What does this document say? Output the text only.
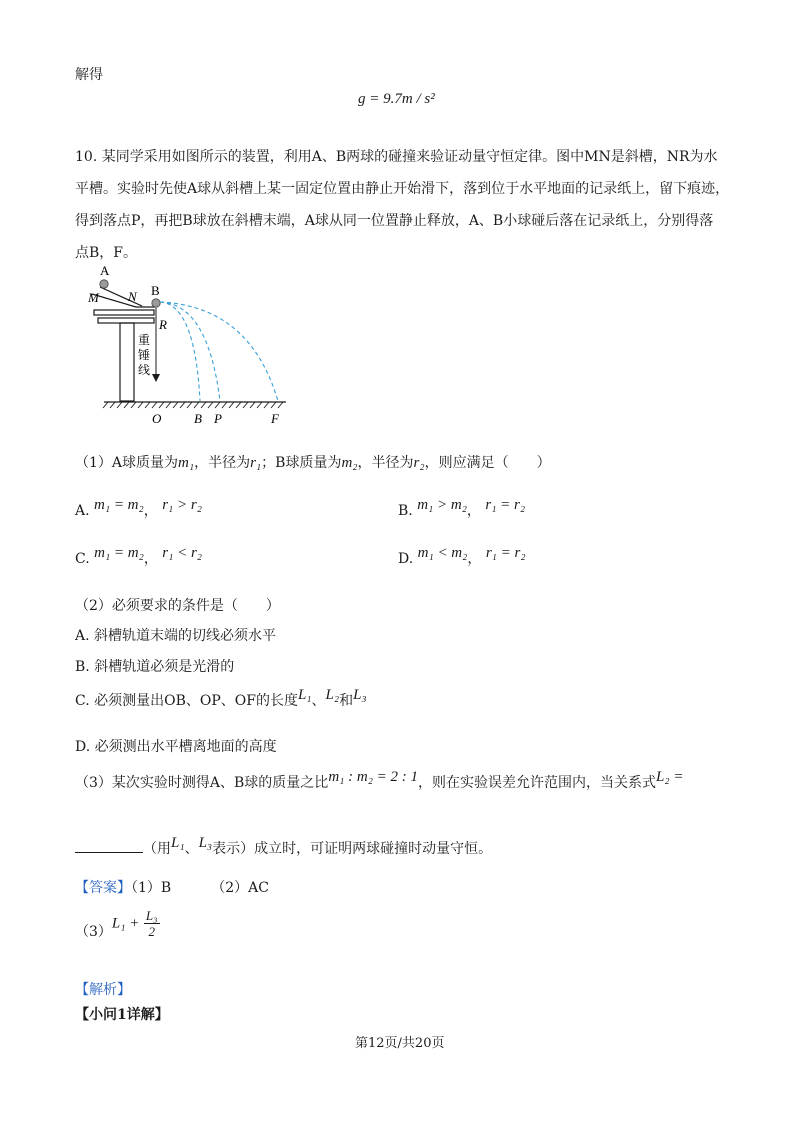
解得
g = 9.7m / s²
10. 某同学采用如图所示的装置，利用A、B两球的碰撞来验证动量守恒定律。图中MN是斜槽，NR为水
平槽。实验时先使A球从斜槽上某一固定位置由静止开始滑下，落到位于水平地面的记录纸上，留下痕迹，
得到落点P，再把B球放在斜槽末端，A球从同一位置静止释放，A、B小球碰后落在记录纸上，分别得落
点B，F。
A
B
M N
R
重
锤
线
O	B P	F
（1）A球质量为m₁，半径为r₁；B球质量为m₂，半径为r₂，则应满足（　　）
A. m₁ = m₂， r₁ > r₂	B. m₁ > m₂， r₁ = r₂
C. m₁ = m₂， r₁ < r₂	D. m₁ < m₂， r₁ = r₂
（2）必须要求的条件是（　　）
A. 斜槽轨道末端的切线必须水平
B. 斜槽轨道必须是光滑的
C. 必须测量出OB、OP、OF的长度L₁、L₂和L₃
D. 必须测出水平槽离地面的高度
（3）某次实验时测得A、B球的质量之比m₁ : m₂ = 2 : 1，则在实验误差允许范围内，当关系式L₂ =
（用L₁、L₃表示）成立时，可证明两球碰撞时动量守恒。
【答案】（1）B	（2）AC
$(3)L_1 + \frac{\text{L₃}}{2}$
【解析】
【小问1详解】
第12页/共20页
